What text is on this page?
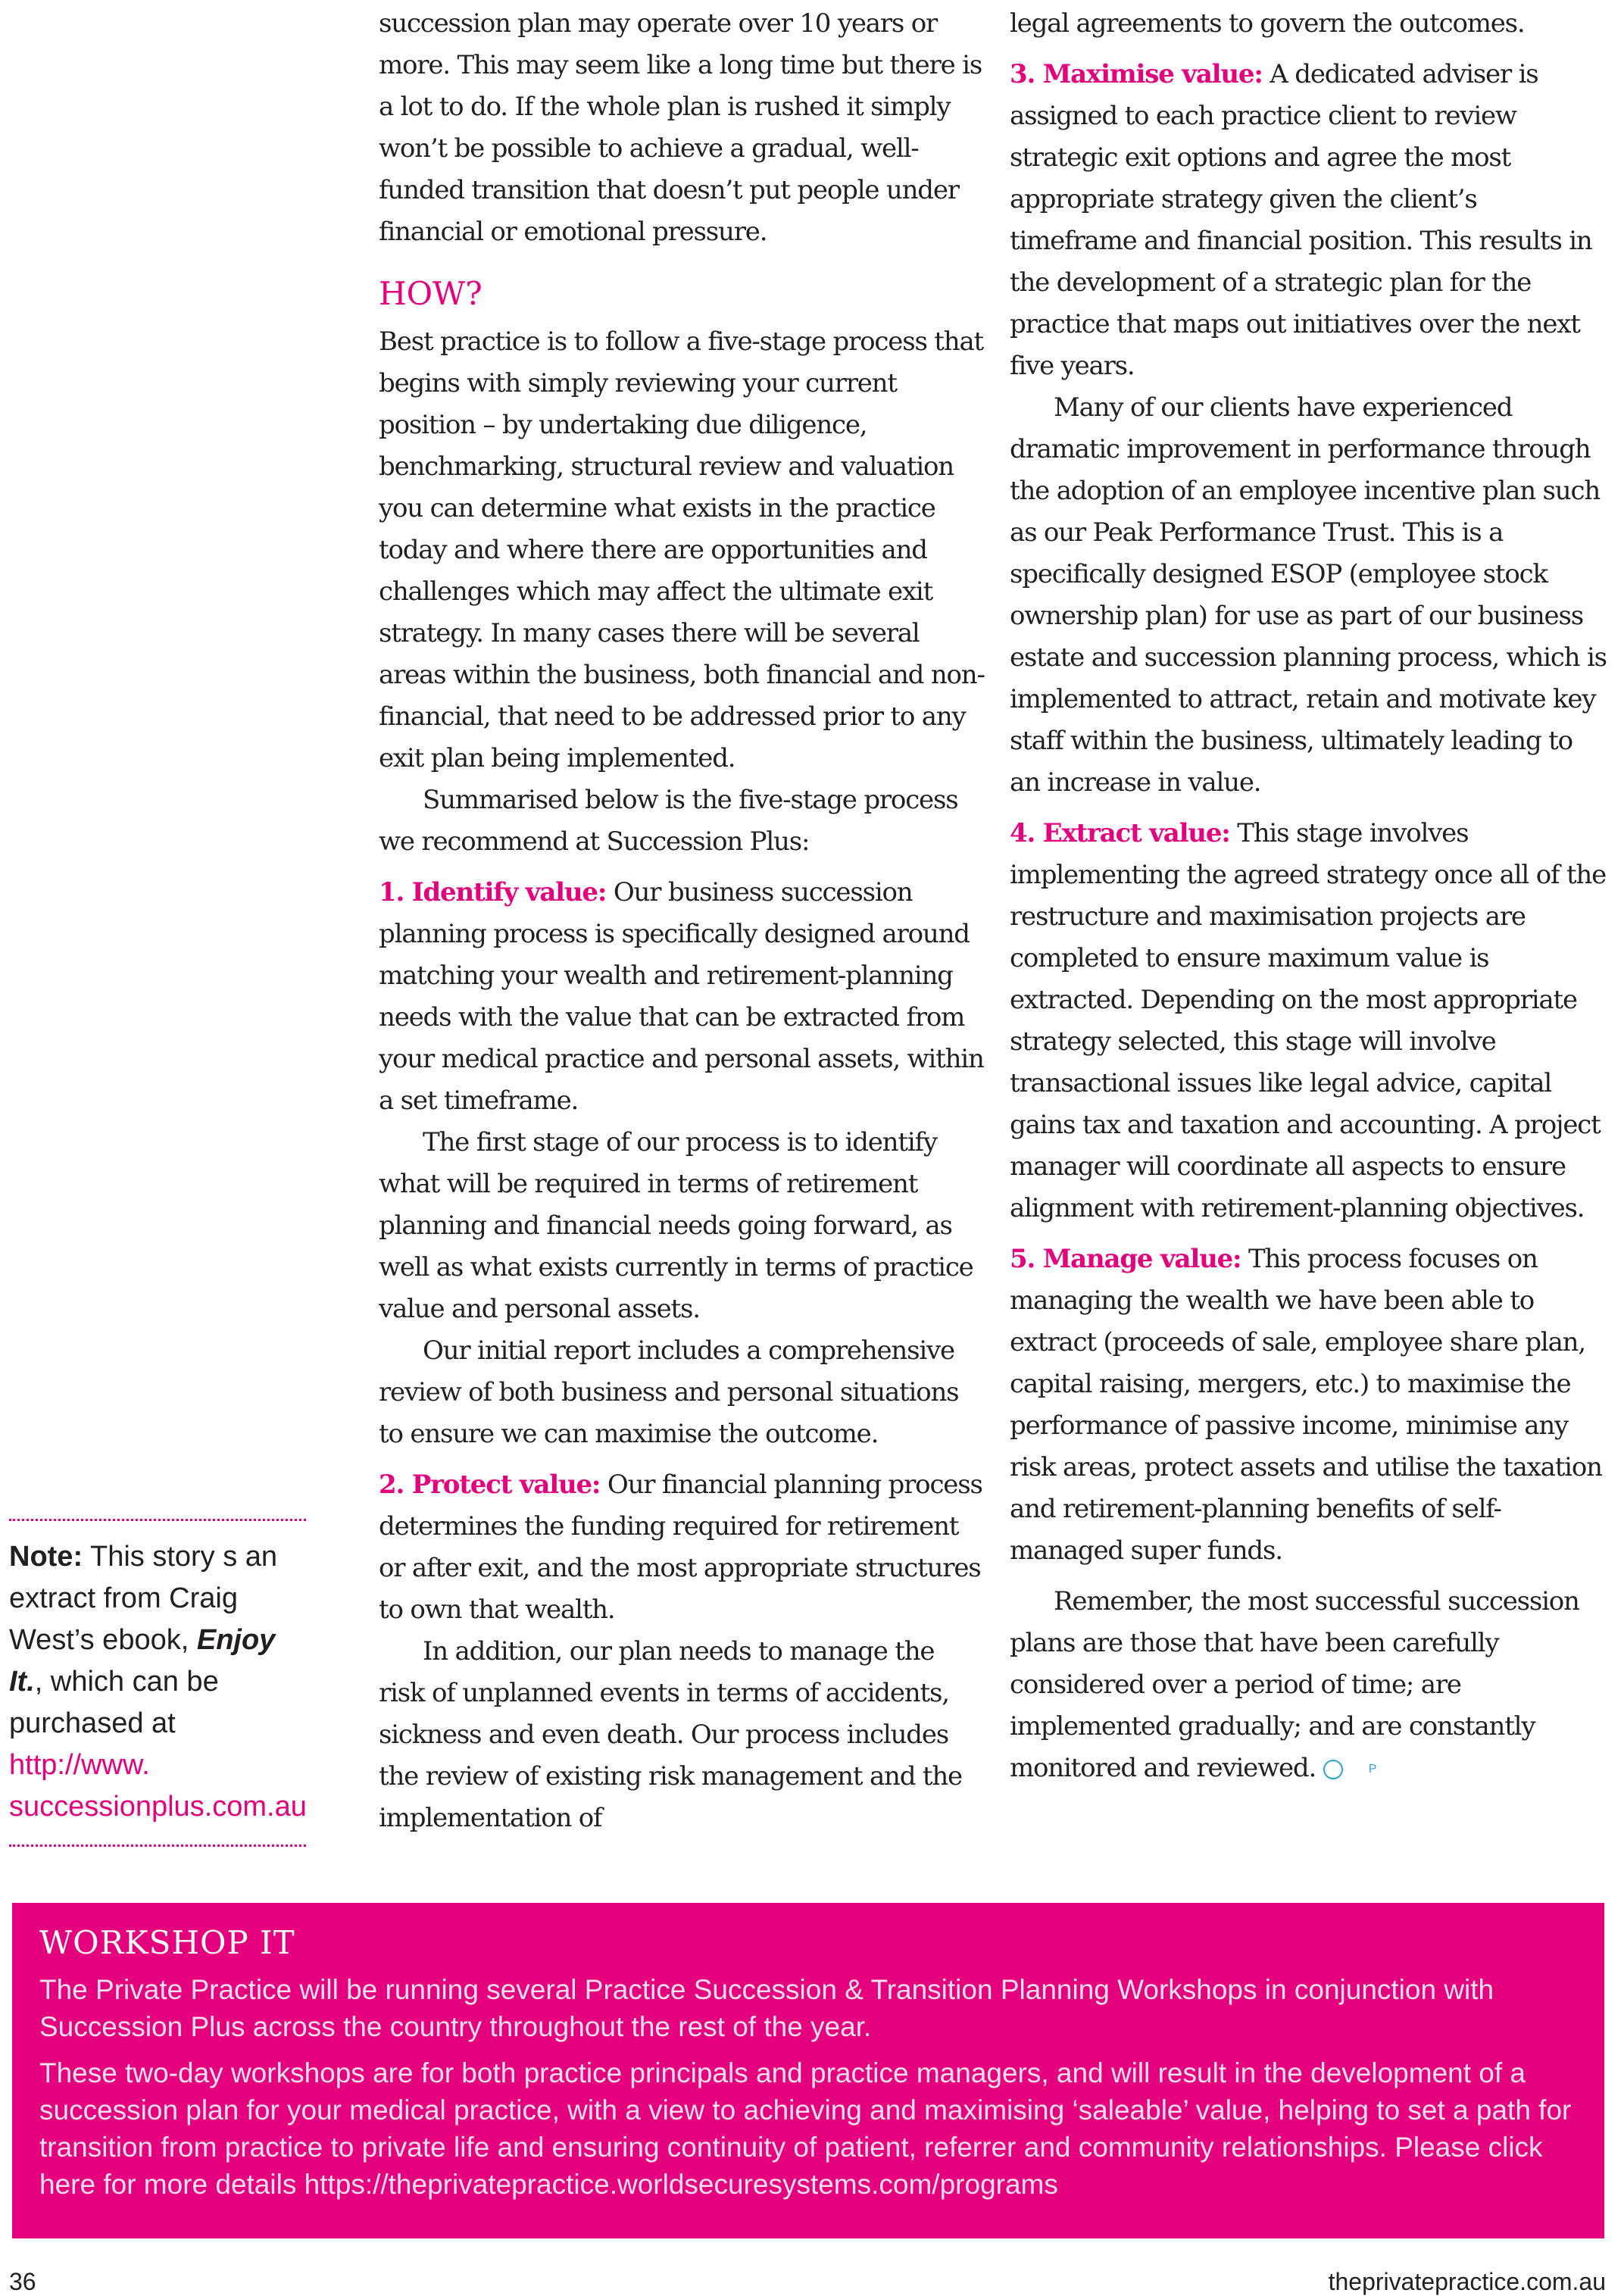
succession plan may operate over 10 years or more. This may seem like a long time but there is a lot to do. If the whole plan is rushed it simply won’t be possible to achieve a gradual, well-funded transition that doesn’t put people under financial or emotional pressure.

HOW?

Best practice is to follow a five-stage process that begins with simply reviewing your current position – by undertaking due diligence, benchmarking, structural review and valuation you can determine what exists in the practice today and where there are opportunities and challenges which may affect the ultimate exit strategy. In many cases there will be several areas within the business, both financial and non-financial, that need to be addressed prior to any exit plan being implemented.

Summarised below is the five-stage process we recommend at Succession Plus:

1. Identify value: Our business succession planning process is specifically designed around matching your wealth and retirement-planning needs with the value that can be extracted from your medical practice and personal assets, within a set timeframe.

The first stage of our process is to identify what will be required in terms of retirement planning and financial needs going forward, as well as what exists currently in terms of practice value and personal assets.

Our initial report includes a comprehensive review of both business and personal situations to ensure we can maximise the outcome.

2. Protect value: Our financial planning process determines the funding required for retirement or after exit, and the most appropriate structures to own that wealth.

In addition, our plan needs to manage the risk of unplanned events in terms of accidents, sickness and even death. Our process includes the review of existing risk management and the implementation of

legal agreements to govern the outcomes.

3. Maximise value: A dedicated adviser is assigned to each practice client to review strategic exit options and agree the most appropriate strategy given the client’s timeframe and financial position. This results in the development of a strategic plan for the practice that maps out initiatives over the next five years.

Many of our clients have experienced dramatic improvement in performance through the adoption of an employee incentive plan such as our Peak Performance Trust. This is a specifically designed ESOP (employee stock ownership plan) for use as part of our business estate and succession planning process, which is implemented to attract, retain and motivate key staff within the business, ultimately leading to an increase in value.

4. Extract value: This stage involves implementing the agreed strategy once all of the restructure and maximisation projects are completed to ensure maximum value is extracted. Depending on the most appropriate strategy selected, this stage will involve transactional issues like legal advice, capital gains tax and taxation and accounting. A project manager will coordinate all aspects to ensure alignment with retirement-planning objectives.

5. Manage value: This process focuses on managing the wealth we have been able to extract (proceeds of sale, employee share plan, capital raising, mergers, etc.) to maximise the performance of passive income, minimise any risk areas, protect assets and utilise the taxation and retirement-planning benefits of self-managed super funds.

Remember, the most successful succession plans are those that have been carefully considered over a period of time; are implemented gradually; and are constantly monitored and reviewed.	P

Note: This story s an extract from Craig West’s ebook, Enjoy It., which can be purchased at http://www. successionplus.com.au
WORKSHOP IT

The Private Practice will be running several Practice Succession & Transition Planning Workshops in conjunction with Succession Plus across the country throughout the rest of the year.

These two-day workshops are for both practice principals and practice managers, and will result in the development of a succession plan for your medical practice, with a view to achieving and maximising ‘saleable’ value, helping to set a path for transition from practice to private life and ensuring continuity of patient, referrer and community relationships. Please click here for more details https://theprivatepractice.worldsecuresystems.com/programs

36	theprivatepractice.com.au
